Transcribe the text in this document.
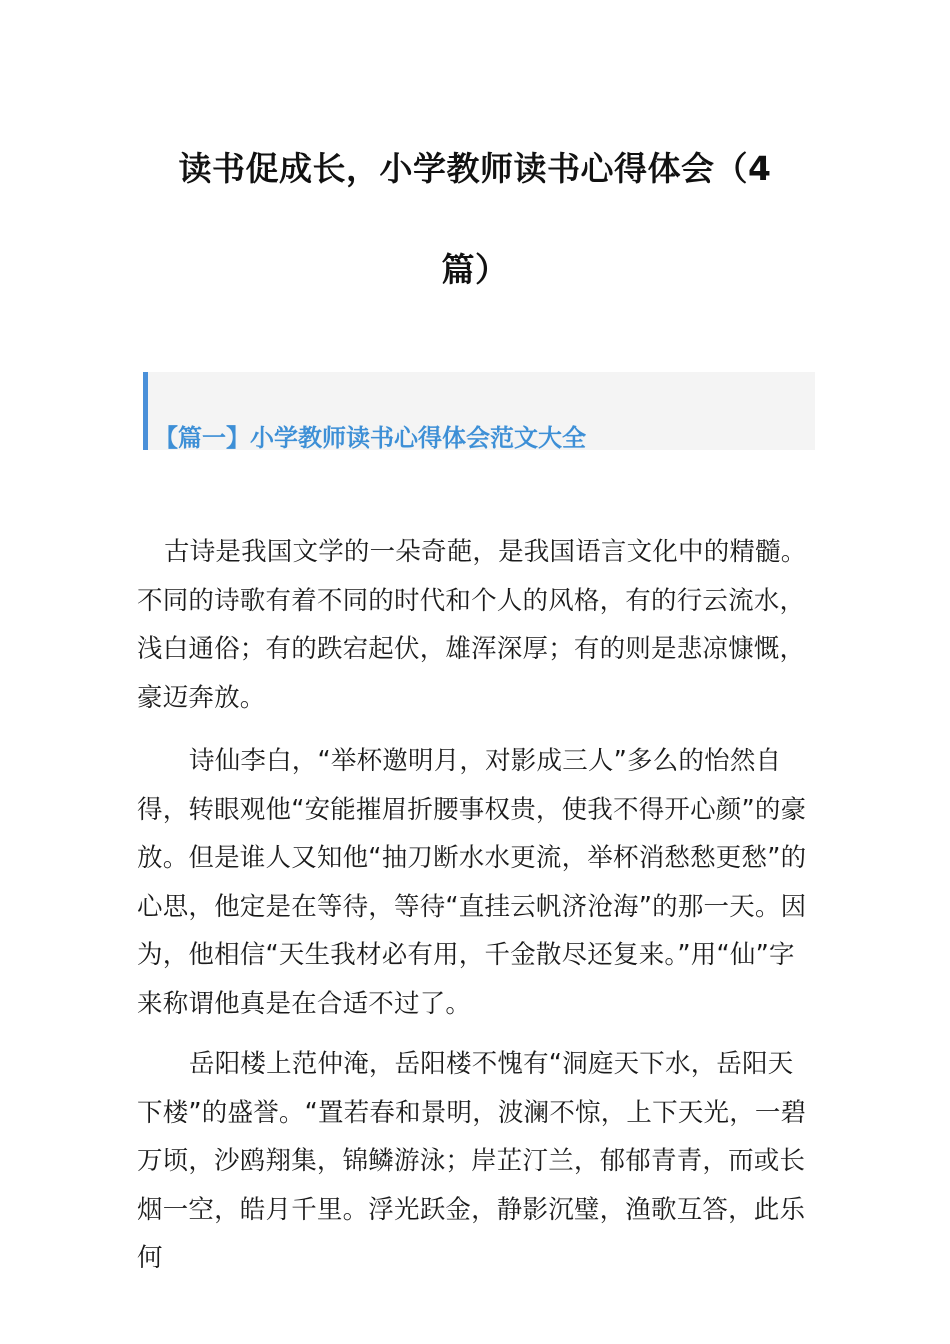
读书促成长，小学教师读书心得体会（4
篇）
【篇一】小学教师读书心得体会范文大全

古诗是我国文学的一朵奇葩，是我国语言文化中的精髓。不同的诗歌有着不同的时代和个人的风格，有的行云流水，浅白通俗；有的跌宕起伏，雄浑深厚；有的则是悲凉慷慨，豪迈奔放。

诗仙李白，“举杯邀明月，对影成三人”多么的怡然自得，转眼观他“安能摧眉折腰事权贵，使我不得开心颜”的豪放。但是谁人又知他“抽刀断水水更流，举杯消愁愁更愁”的心思，他定是在等待，等待“直挂云帆济沧海”的那一天。因为，他相信“天生我材必有用，千金散尽还复来。”用“仙”字来称谓他真是在合适不过了。

岳阳楼上范仲淹，岳阳楼不愧有“洞庭天下水，岳阳天下楼”的盛誉。“置若春和景明，波澜不惊，上下天光，一碧万顷，沙鸥翔集，锦鳞游泳；岸芷汀兰，郁郁青青，而或长烟一空，皓月千里。浮光跃金，静影沉璧，渔歌互答，此乐何
